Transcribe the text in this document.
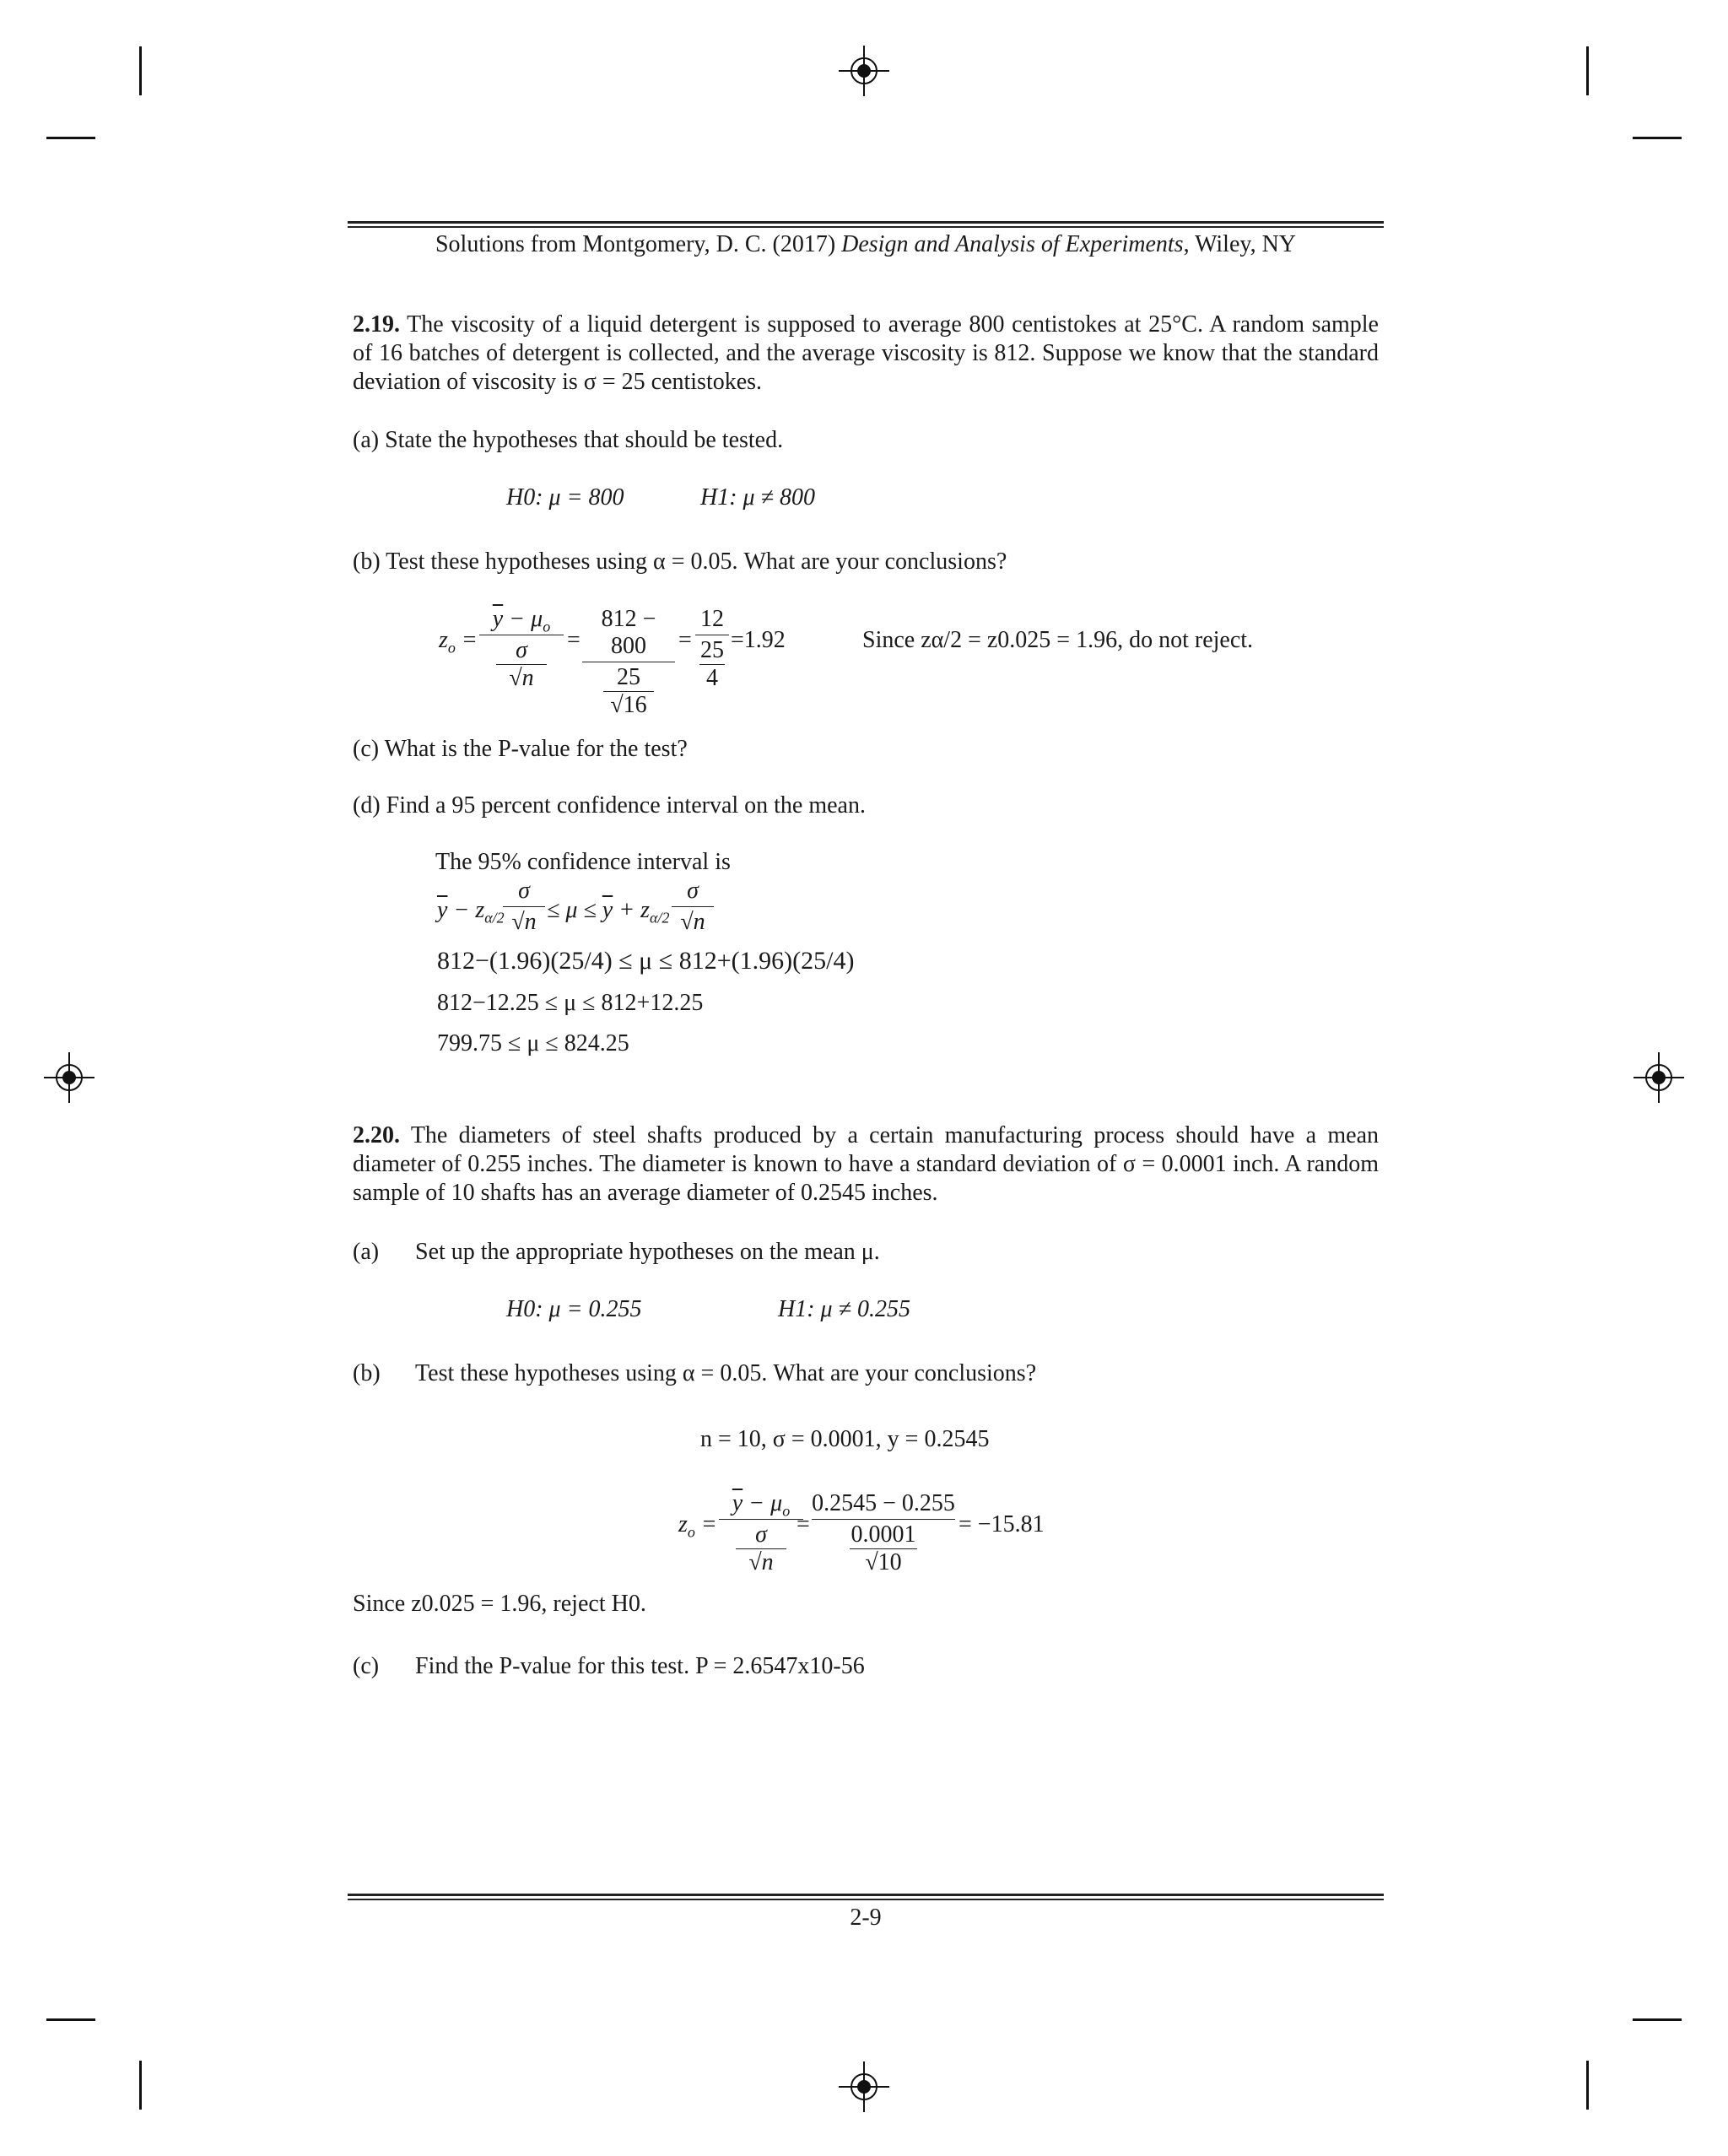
Solutions from Montgomery, D. C. (2017) Design and Analysis of Experiments, Wiley, NY
2.19. The viscosity of a liquid detergent is supposed to average 800 centistokes at 25°C. A random sample of 16 batches of detergent is collected, and the average viscosity is 812. Suppose we know that the standard deviation of viscosity is σ = 25 centistokes.
(a) State the hypotheses that should be tested.
H0: μ = 800	H1: μ ≠ 800
(b) Test these hypotheses using α = 0.05. What are your conclusions?
$z_o$ =
$\overline{y} - \mu_o$
σ
√n
=
812 − 800
25
√16
=
12
25
4
=1.92	Since zα/2 = z0.025 = 1.96, do not reject.
(c) What is the P-value for the test?
(d) Find a 95 percent confidence interval on the mean.
The 95% confidence interval is
$\overline{y} - z_{\alpha/2}$
σ
$√n \le \mu \le \overline{y} + z_{\alpha/2}$
σ
√n
812−(1.96)(25/4) ≤ μ ≤ 812+(1.96)(25/4)
812−12.25 ≤ μ ≤ 812+12.25
799.75 ≤ μ ≤ 824.25
2.20. The diameters of steel shafts produced by a certain manufacturing process should have a mean diameter of 0.255 inches. The diameter is known to have a standard deviation of σ = 0.0001 inch. A random sample of 10 shafts has an average diameter of 0.2545 inches.
(a) Set up the appropriate hypotheses on the mean μ.
H0: μ = 0.255	H1: μ ≠ 0.255
(b) Test these hypotheses using α = 0.05. What are your conclusions?
n = 10, σ = 0.0001, y = 0.2545
$z_o$ =
$\overline{y} - \mu_o$
σ
√n
=
0.2545 − 0.255
0.0001
√10
= −15.81
Since z0.025 = 1.96, reject H0.
(c) Find the P-value for this test. P = 2.6547x10-56
2-9
